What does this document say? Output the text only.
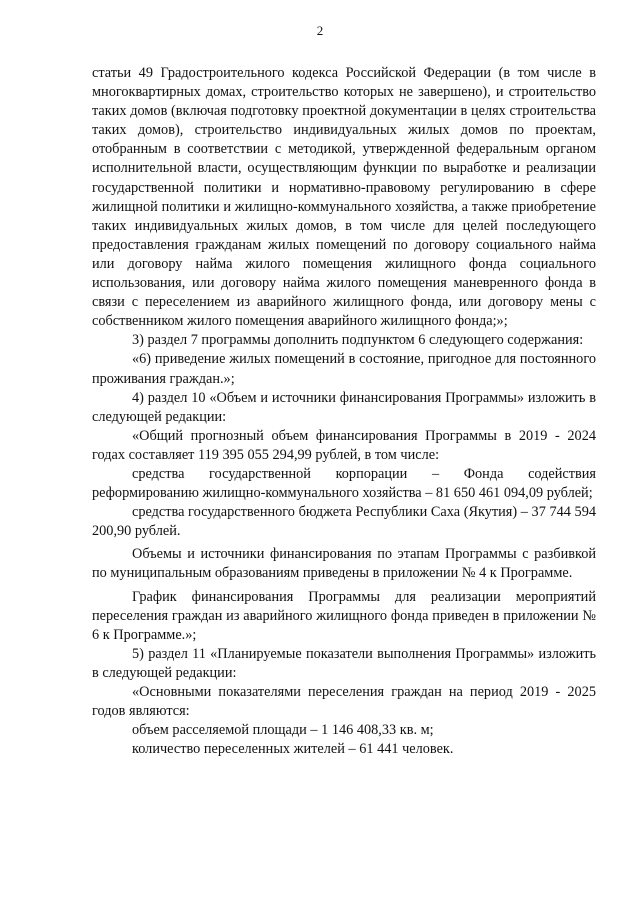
2

статьи 49 Градостроительного кодекса Российской Федерации (в том числе в многоквартирных домах, строительство которых не завершено), и строительство таких домов (включая подготовку проектной документации в целях строительства таких домов), строительство индивидуальных жилых домов по проектам, отобранным в соответствии с методикой, утвержденной федеральным органом исполнительной власти, осуществляющим функции по выработке и реализации государственной политики и нормативно-правовому регулированию в сфере жилищной политики и жилищно-коммунального хозяйства, а также приобретение таких индивидуальных жилых домов, в том числе для целей последующего предоставления гражданам жилых помещений по договору социального найма или договору найма жилого помещения жилищного фонда социального использования, или договору найма жилого помещения маневренного фонда в связи с переселением из аварийного жилищного фонда, или договору мены с собственником жилого помещения аварийного жилищного фонда;»;

3) раздел 7 программы дополнить подпунктом 6 следующего содержания:

«6) приведение жилых помещений в состояние, пригодное для постоянного проживания граждан.»;

4) раздел 10 «Объем и источники финансирования Программы» изложить в следующей редакции:

«Общий прогнозный объем финансирования Программы в 2019 - 2024 годах составляет 119 395 055 294,99 рублей, в том числе:

средства государственной корпорации – Фонда содействия реформированию жилищно-коммунального хозяйства – 81 650 461 094,09 рублей;

средства государственного бюджета Республики Саха (Якутия) – 37 744 594 200,90 рублей.

Объемы и источники финансирования по этапам Программы с разбивкой по муниципальным образованиям приведены в приложении № 4 к Программе.

График финансирования Программы для реализации мероприятий переселения граждан из аварийного жилищного фонда приведен в приложении № 6 к Программе.»;

5) раздел 11 «Планируемые показатели выполнения Программы» изложить в следующей редакции:

«Основными показателями переселения граждан на период 2019 - 2025 годов являются:

объем расселяемой площади – 1 146 408,33 кв. м;

количество переселенных жителей – 61 441 человек.
